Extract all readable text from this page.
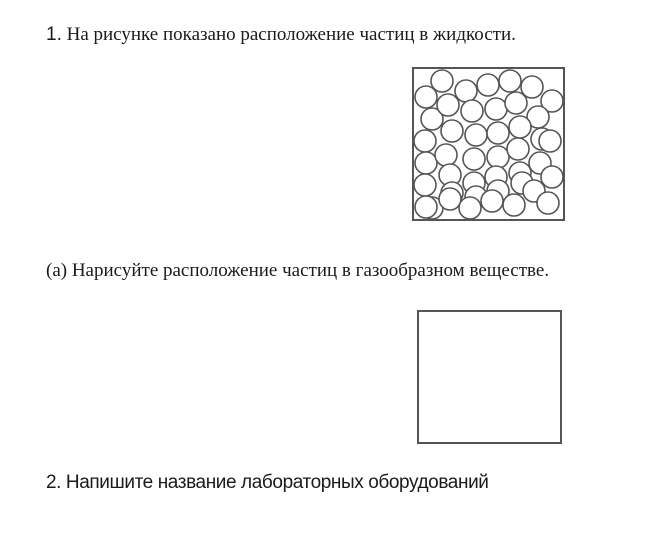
1. На рисунке показано расположение частиц в жидкости.
(а) Нарисуйте расположение частиц в газообразном веществе.
2. Напишите название лабораторных оборудований
